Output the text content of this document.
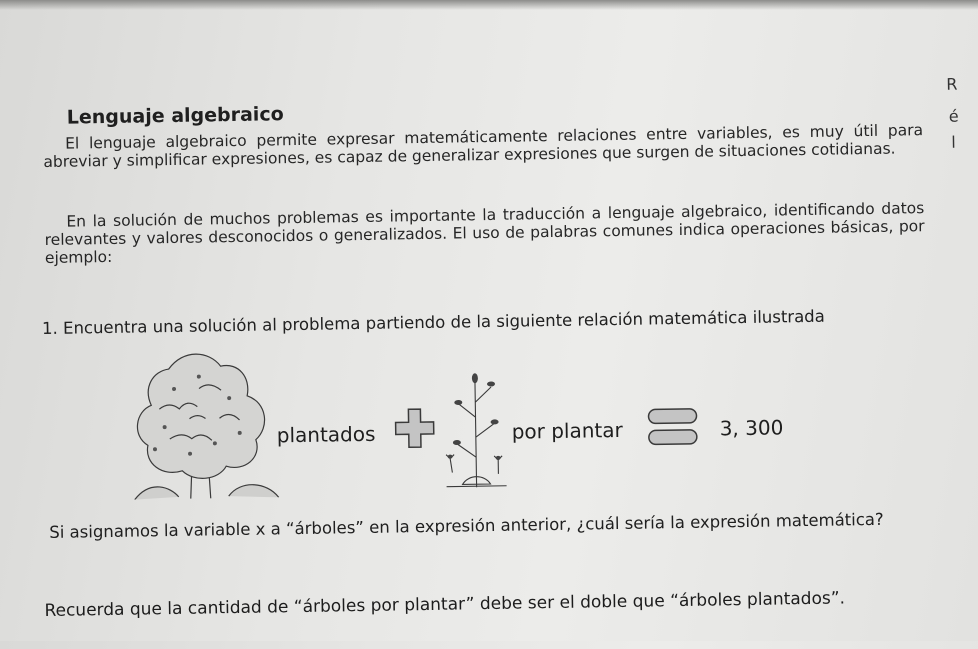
Lenguaje algebraico
El lenguaje algebraico permite expresar matemáticamente relaciones entre variables, es muy útil para abreviar y simplificar expresiones, es capaz de generalizar expresiones que surgen de situaciones cotidianas.
En la solución de muchos problemas es importante la traducción a lenguaje algebraico, identificando datos relevantes y valores desconocidos o generalizados. El uso de palabras comunes indica operaciones básicas, por ejemplo:
1. Encuentra una solución al problema partiendo de la siguiente relación matemática ilustrada
plantados	por plantar	3, 300
Si asignamos la variable x a “árboles” en la expresión anterior, ¿cuál sería la expresión matemática?
Recuerda que la cantidad de “árboles por plantar” debe ser el doble que “árboles plantados”.
R
é
l
